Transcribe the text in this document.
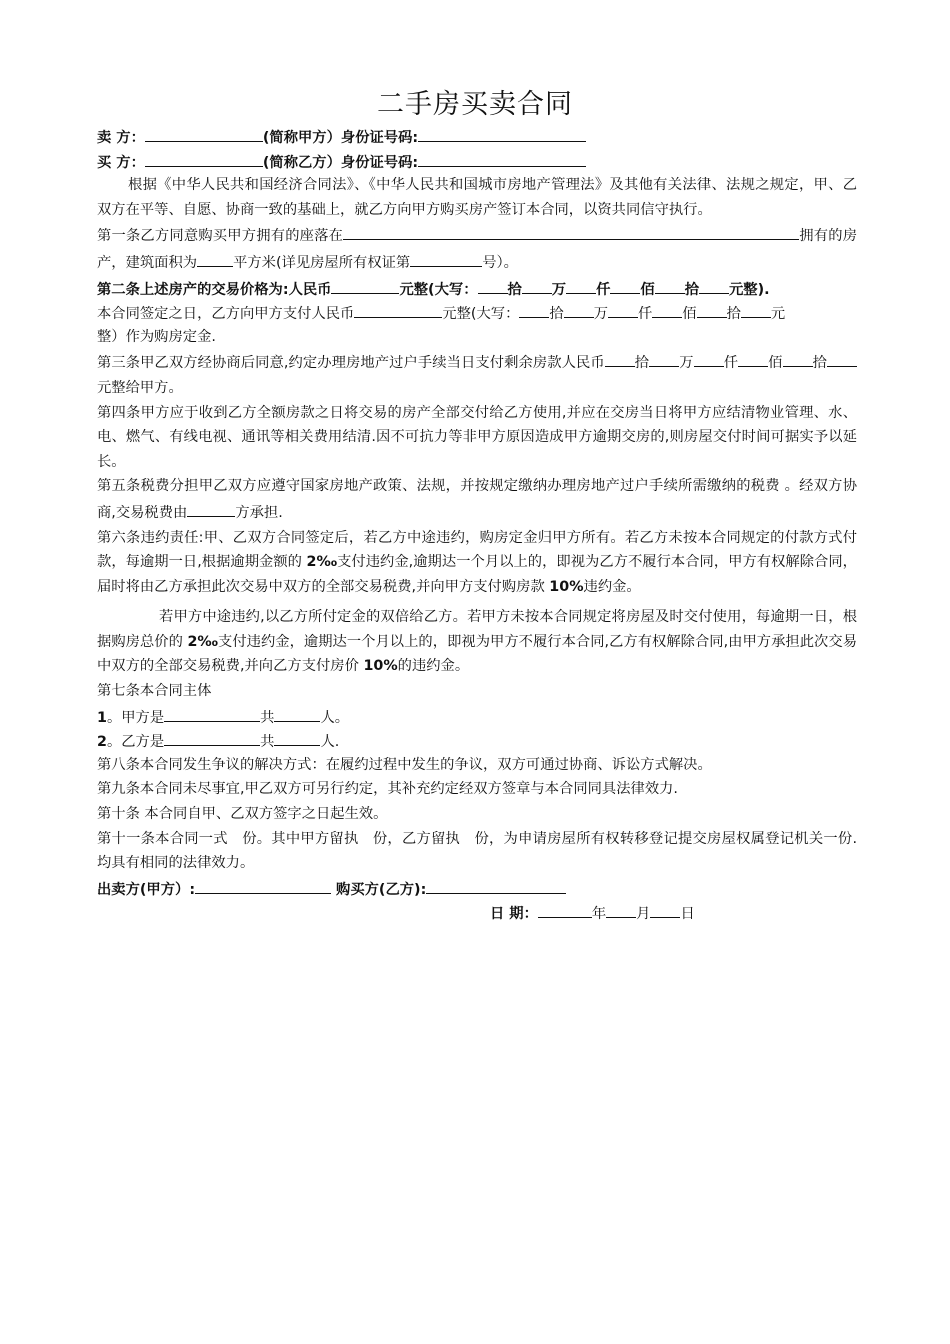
二手房买卖合同
卖 方：	(简称甲方）身份证号码:
买 方：	(简称乙方）身份证号码:
根据《中华人民共和国经济合同法》、《中华人民共和国城市房地产管理法》及其他有关法律、法规之规定，甲、乙双方在平等、自愿、协商一致的基础上，就乙方向甲方购买房产签订本合同，以资共同信守执行。
第一条乙方同意购买甲方拥有的座落在	拥有的房产，建筑面积为	平方米(详见房屋所有权证第	号）。
第二条上述房产的交易价格为:人民币	元整(大写： 拾 万 仟 佰 拾 元整).
本合同签定之日，乙方向甲方支付人民币	元整(大写： 拾 万 仟 佰 拾 元
整）作为购房定金.
第三条甲乙双方经协商后同意,约定办理房地产过户手续当日支付剩余房款人民币 拾 万 仟 佰 拾元整给甲方。
第四条甲方应于收到乙方全额房款之日将交易的房产全部交付给乙方使用,并应在交房当日将甲方应结清物业管理、水、电、燃气、有线电视、通讯等相关费用结清.因不可抗力等非甲方原因造成甲方逾期交房的,则房屋交付时间可据实予以延长。
第五条税费分担甲乙双方应遵守国家房地产政策、法规，并按规定缴纳办理房地产过户手续所需缴纳的税费 。经双方协商,交易税费由	方承担.
第六条违约责任:甲、乙双方合同签定后，若乙方中途违约，购房定金归甲方所有。若乙方未按本合同规定的付款方式付款，每逾期一日,根据逾期金额的 2‰支付违约金,逾期达一个月以上的，即视为乙方不履行本合同，甲方有权解除合同，届时将由乙方承担此次交易中双方的全部交易税费,并向甲方支付购房款 10%违约金。
若甲方中途违约,以乙方所付定金的双倍给乙方。若甲方未按本合同规定将房屋及时交付使用，每逾期一日，根据购房总价的 2‰支付违约金，逾期达一个月以上的，即视为甲方不履行本合同,乙方有权解除合同,由甲方承担此次交易中双方的全部交易税费,并向乙方支付房价 10%的违约金。
第七条本合同主体
1。甲方是	共	人。
2。乙方是	共	人.
第八条本合同发生争议的解决方式：在履约过程中发生的争议，双方可通过协商、诉讼方式解决。
第九条本合同未尽事宜,甲乙双方可另行约定，其补充约定经双方签章与本合同同具法律效力.
第十条 本合同自甲、乙双方签字之日起生效。
第十一条本合同一式   份。其中甲方留执   份，乙方留执   份，为申请房屋所有权转移登记提交房屋权属登记机关一份.均具有相同的法律效力。
出卖方(甲方）:	购买方(乙方):
日 期：	年 月 日
